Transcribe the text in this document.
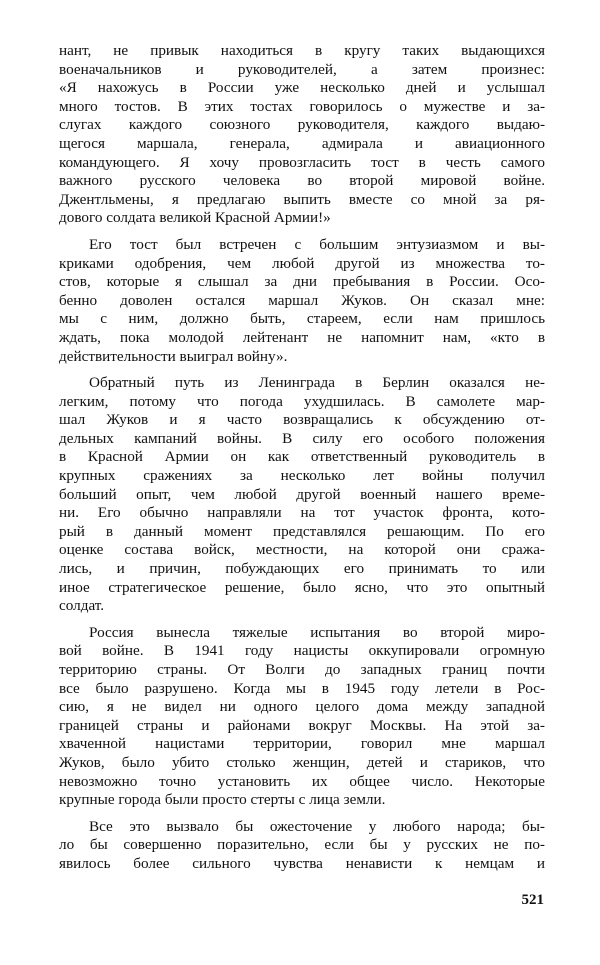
нант, не привык находиться в кругу таких выдающихся
военачальников и руководителей, а затем произнес:
«Я нахожусь в России уже несколько дней и услышал
много тостов. В этих тостах говорилось о мужестве и за-
слугах каждого союзного руководителя, каждого выдаю-
щегося маршала, генерала, адмирала и авиационного
командующего. Я хочу провозгласить тост в честь самого
важного русского человека во второй мировой войне.
Джентльмены, я предлагаю выпить вместе со мной за ря-
дового солдата великой Красной Армии!»
Его тост был встречен с большим энтузиазмом и вы-
криками одобрения, чем любой другой из множества то-
стов, которые я слышал за дни пребывания в России. Осо-
бенно доволен остался маршал Жуков. Он сказал мне:
мы с ним, должно быть, стареем, если нам пришлось
ждать, пока молодой лейтенант не напомнит нам, «кто в
действительности выиграл войну».
Обратный путь из Ленинграда в Берлин оказался не-
легким, потому что погода ухудшилась. В самолете мар-
шал Жуков и я часто возвращались к обсуждению от-
дельных кампаний войны. В силу его особого положения
в Красной Армии он как ответственный руководитель в
крупных сражениях за несколько лет войны получил
больший опыт, чем любой другой военный нашего време-
ни. Его обычно направляли на тот участок фронта, кото-
рый в данный момент представлялся решающим. По его
оценке состава войск, местности, на которой они сража-
лись, и причин, побуждающих его принимать то или
иное стратегическое решение, было ясно, что это опытный
солдат.
Россия вынесла тяжелые испытания во второй миро-
вой войне. В 1941 году нацисты оккупировали огромную
территорию страны. От Волги до западных границ почти
все было разрушено. Когда мы в 1945 году летели в Рос-
сию, я не видел ни одного целого дома между западной
границей страны и районами вокруг Москвы. На этой за-
хваченной нацистами территории, говорил мне маршал
Жуков, было убито столько женщин, детей и стариков, что
невозможно точно установить их общее число. Некоторые
крупные города были просто стерты с лица земли.
Все это вызвало бы ожесточение у любого народа; бы-
ло бы совершенно поразительно, если бы у русских не по-
явилось более сильного чувства ненависти к немцам и
521
